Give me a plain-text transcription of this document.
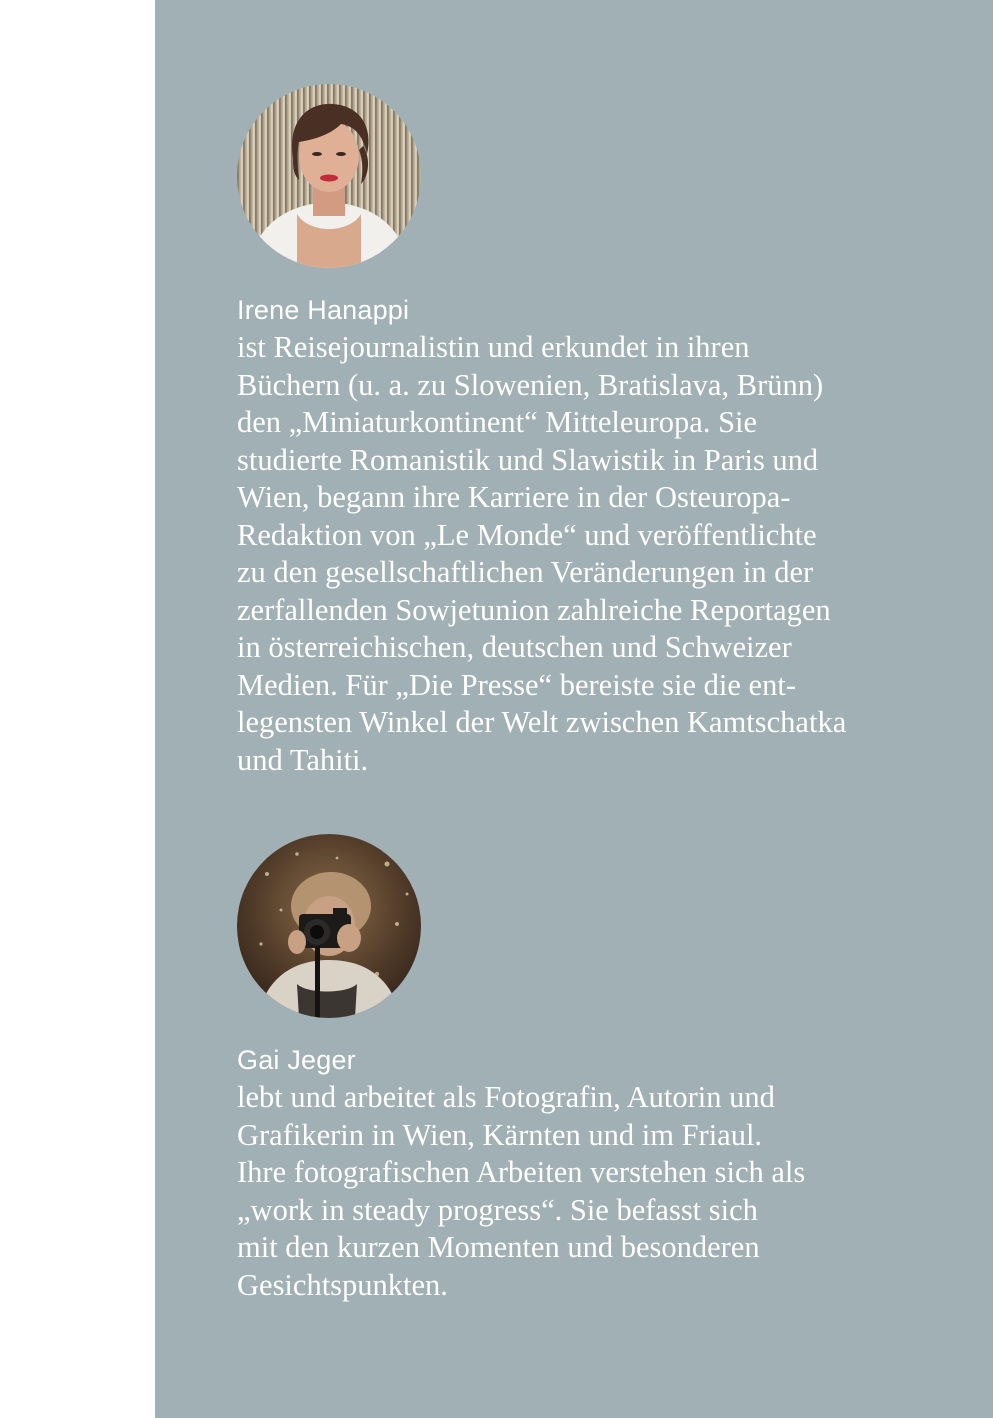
Irene Hanappi

ist Reisejournalistin und erkundet in ihren
Büchern (u. a. zu Slowenien, Bratislava, Brünn)
den „Miniaturkontinent“ Mitteleuropa. Sie
studierte Romanistik und Slawistik in Paris und
Wien, begann ihre Karriere in der Osteuropa-
Redaktion von „Le Monde“ und veröffentlichte
zu den gesellschaftlichen Veränderungen in der
zerfallenden Sowjetunion zahlreiche Reportagen
in österreichischen, deutschen und Schweizer
Medien. Für „Die Presse“ bereiste sie die ent-
legensten Winkel der Welt zwischen Kamtschatka
und Tahiti.

Gai Jeger

lebt und arbeitet als Fotografin, Autorin und
Grafikerin in Wien, Kärnten und im Friaul.
Ihre fotografischen Arbeiten verstehen sich als
„work in steady progress“. Sie befasst sich
mit den kurzen Momenten und besonderen
Gesichtspunkten.
